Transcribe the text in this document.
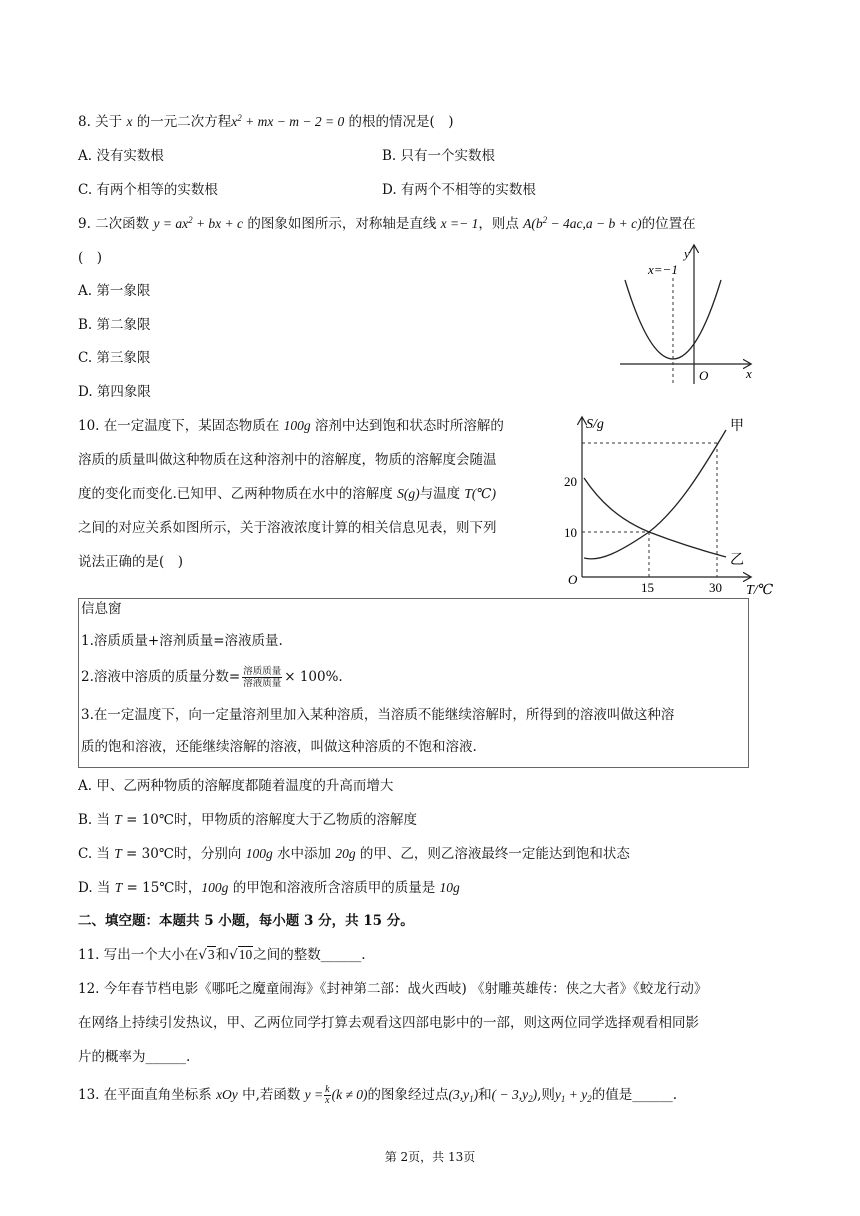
8. 关于 x 的一元二次方程$x^2$ + mx − m − 2 = 0 的根的情况是(　)
A. 没有实数根	B. 只有一个实数根
C. 有两个相等的实数根	D. 有两个不相等的实数根
9. 二次函数 $y = ax^2$ + bx + c 的图象如图所示，对称轴是直线 x =− 1，则点 $A(b^2 - 4ac,a - b + c)$的位置在
(　)
A. 第一象限
B. 第二象限
C. 第三象限
D. 第四象限
x=−1
y
x
O
10. 在一定温度下，某固态物质在 100g 溶剂中达到饱和状态时所溶解的
溶质的质量叫做这种物质在这种溶剂中的溶解度，物质的溶解度会随温
度的变化而变化.已知甲、乙两种物质在水中的溶解度 S(g)与温度 T(℃)
之间的对应关系如图所示，关于溶液浓度计算的相关信息见表，则下列
说法正确的是(　)
S/g
T/℃
O
20
10
15	30
甲
乙
信息窗
1.溶质质量+溶剂质量=溶液质量.
2.溶液中溶质的质量分数= $\frac{\text{溶质质量}}{\text{溶液质量}} \times 100\%$.
3.在一定温度下，向一定量溶剂里加入某种溶质，当溶质不能继续溶解时，所得到的溶液叫做这种溶
质的饱和溶液，还能继续溶解的溶液，叫做这种溶质的不饱和溶液.
A. 甲、乙两种物质的溶解度都随着温度的升高而增大
B. 当 T = 10℃时，甲物质的溶解度大于乙物质的溶解度
C. 当 T = 30℃时，分别向 100g 水中添加 20g 的甲、乙，则乙溶液最终一定能达到饱和状态
D. 当 T = 15℃时，100g 的甲饱和溶液所含溶质甲的质量是 10g
二、填空题：本题共 5 小题，每小题 3 分，共 15 分。
11. 写出一个大小在√3和√10之间的整数______.
12. 今年春节档电影《哪吒之魔童闹海》《封神第二部：战火西岐) 《射雕英雄传：侠之大者》《蛟龙行动》
在网络上持续引发热议，甲、乙两位同学打算去观看这四部电影中的一部，则这两位同学选择观看相同影
片的概率为______.
13. 在平面直角坐标系 xOy 中,若函数 $y = \frac{k}{x} (k \ne 0)$的图象经过点$(3,y_1)$和( − $3,y_2$),则$y_1 + y_2$的值是______.
第 2页，共 13页
